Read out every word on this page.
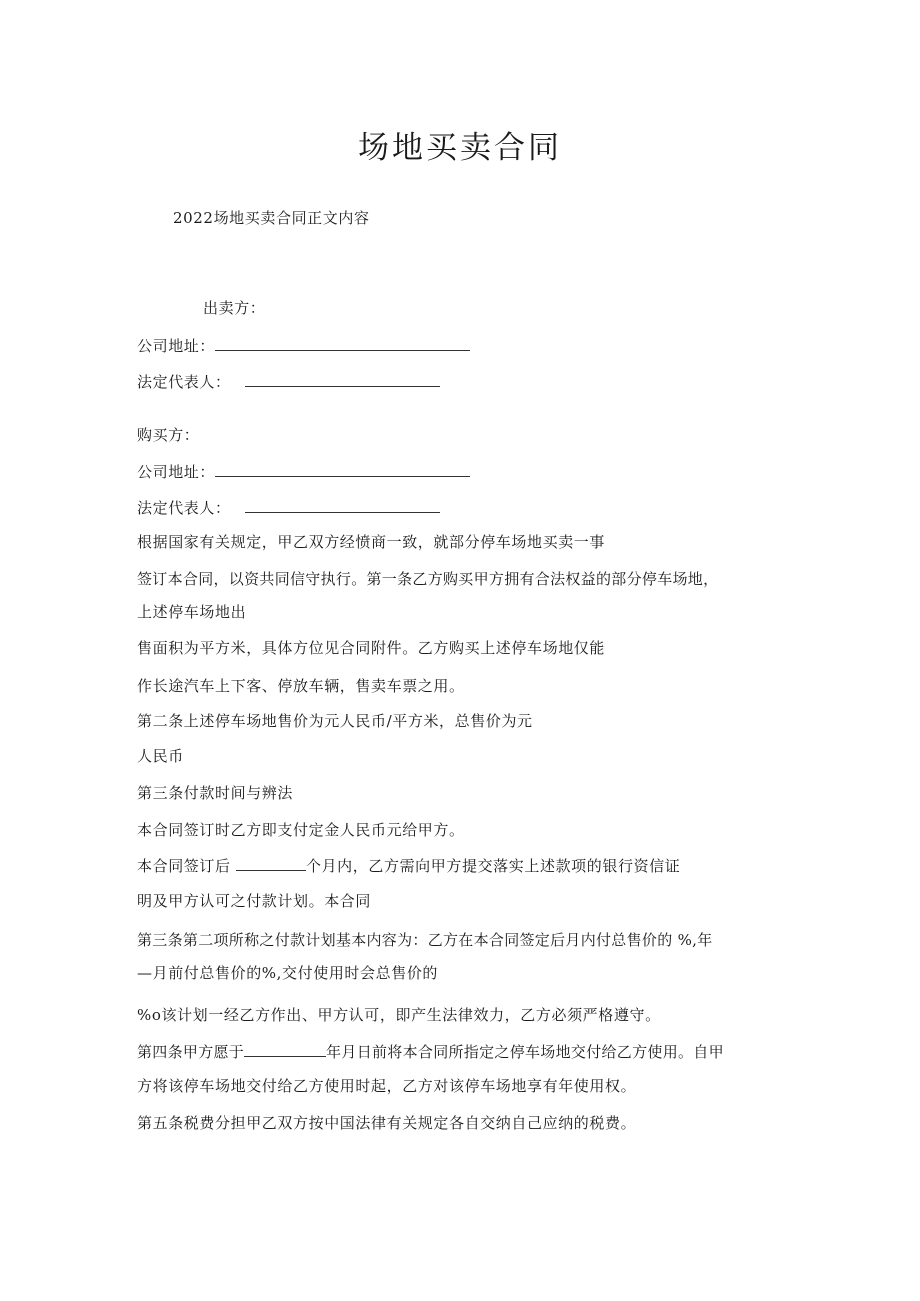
场地买卖合同
2022场地买卖合同正文内容
出卖方：
公司地址：
法定代表人：
购买方：
公司地址：
法定代表人：
根据国家有关规定，甲乙双方经愤商一致，就部分停车场地买卖一事
签订本合同，以资共同信守执行。第一条乙方购买甲方拥有合法权益的部分停车场地，
上述停车场地出
售面积为平方米，具体方位见合同附件。乙方购买上述停车场地仅能
作长途汽车上下客、停放车辆，售卖车票之用。
第二条上述停车场地售价为元人民币/平方米，总售价为元
人民币
第三条付款时间与辨法
本合同签订时乙方即支付定金人民币元给甲方。
本合同签订后	个月内，乙方需向甲方提交落实上述款项的银行资信证
明及甲方认可之付款计划。本合同
第三条第二项所称之付款计划基本内容为：乙方在本合同签定后月内付总售价的 %,年
—月前付总售价的%,交付使用时会总售价的
%o该计划一经乙方作出、甲方认可，即产生法律效力，乙方必须严格遵守。
第四条甲方愿于	年月日前将本合同所指定之停车场地交付给乙方使用。自甲
方将该停车场地交付给乙方使用时起，乙方对该停车场地享有年使用权。
第五条税费分担甲乙双方按中国法律有关规定各自交纳自己应纳的税费。
